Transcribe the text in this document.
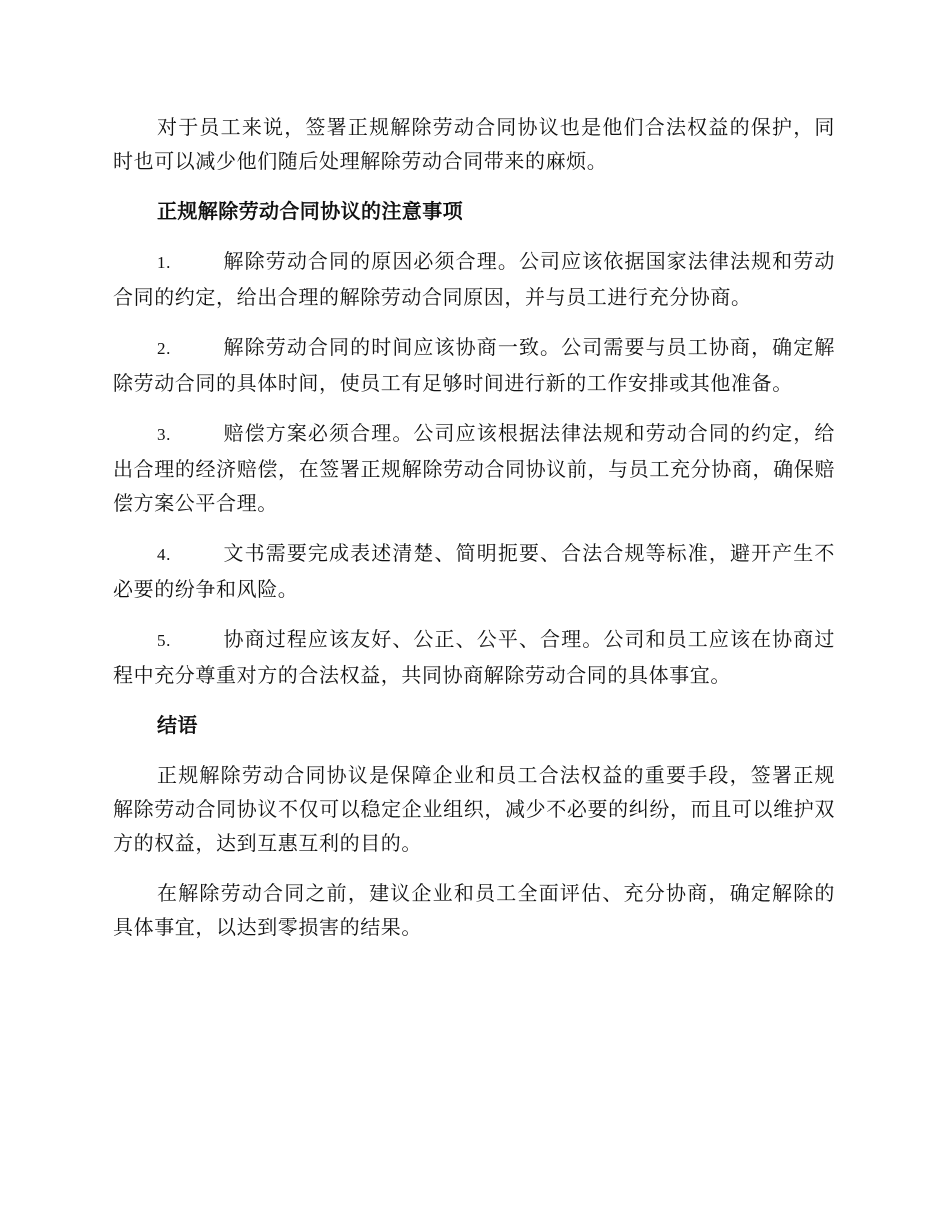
对于员工来说，签署正规解除劳动合同协议也是他们合法权益的保护，同时也可以减少他们随后处理解除劳动合同带来的麻烦。

正规解除劳动合同协议的注意事项

1.	解除劳动合同的原因必须合理。公司应该依据国家法律法规和劳动合同的约定，给出合理的解除劳动合同原因，并与员工进行充分协商。

2.	解除劳动合同的时间应该协商一致。公司需要与员工协商，确定解除劳动合同的具体时间，使员工有足够时间进行新的工作安排或其他准备。

3.	赔偿方案必须合理。公司应该根据法律法规和劳动合同的约定，给出合理的经济赔偿，在签署正规解除劳动合同协议前，与员工充分协商，确保赔偿方案公平合理。

4.	文书需要完成表述清楚、简明扼要、合法合规等标准，避开产生不必要的纷争和风险。

5.	协商过程应该友好、公正、公平、合理。公司和员工应该在协商过程中充分尊重对方的合法权益，共同协商解除劳动合同的具体事宜。

结语

正规解除劳动合同协议是保障企业和员工合法权益的重要手段，签署正规解除劳动合同协议不仅可以稳定企业组织，减少不必要的纠纷，而且可以维护双方的权益，达到互惠互利的目的。

在解除劳动合同之前，建议企业和员工全面评估、充分协商，确定解除的具体事宜，以达到零损害的结果。
